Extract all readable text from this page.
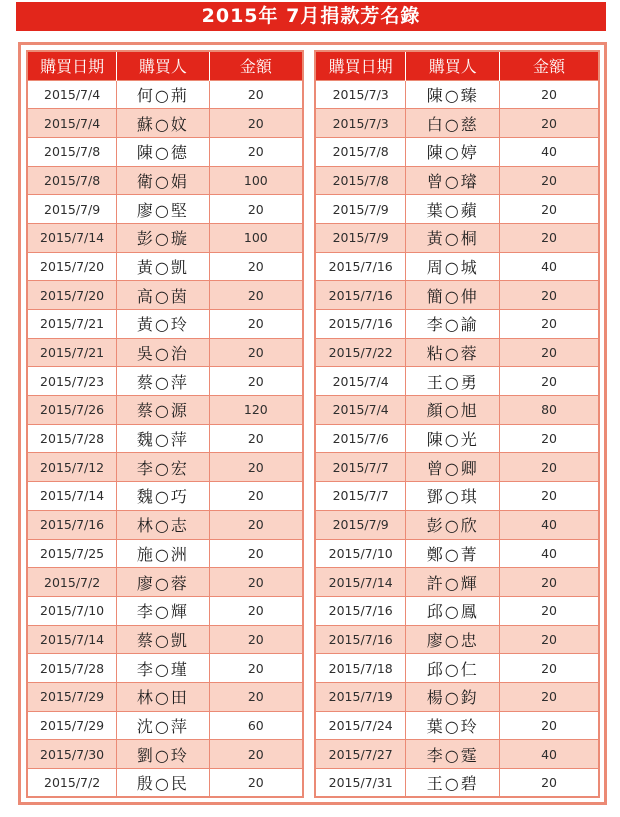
2015年 7月捐款芳名錄
購買日期	購買人	金額
2015/7/4	何○荊	20
2015/7/4	蘇○妏	20
2015/7/8	陳○德	20
2015/7/8	衛○娟	100
2015/7/9	廖○堅	20
2015/7/14	彭○璇	100
2015/7/20	黃○凱	20
2015/7/20	高○茵	20
2015/7/21	黃○玲	20
2015/7/21	吳○治	20
2015/7/23	蔡○萍	20
2015/7/26	蔡○源	120
2015/7/28	魏○萍	20
2015/7/12	李○宏	20
2015/7/14	魏○巧	20
2015/7/16	林○志	20
2015/7/25	施○洲	20
2015/7/2	廖○蓉	20
2015/7/10	李○輝	20
2015/7/14	蔡○凱	20
2015/7/28	李○瑾	20
2015/7/29	林○田	20
2015/7/29	沈○萍	60
2015/7/30	劉○玲	20
2015/7/2	殷○民	20
購買日期	購買人	金額
2015/7/3	陳○臻	20
2015/7/3	白○慈	20
2015/7/8	陳○婷	40
2015/7/8	曾○璿	20
2015/7/9	葉○蘋	20
2015/7/9	黃○桐	20
2015/7/16	周○城	40
2015/7/16	簡○伸	20
2015/7/16	李○諭	20
2015/7/22	粘○蓉	20
2015/7/4	王○勇	20
2015/7/4	顏○旭	80
2015/7/6	陳○光	20
2015/7/7	曾○卿	20
2015/7/7	鄧○琪	20
2015/7/9	彭○欣	40
2015/7/10	鄭○菁	40
2015/7/14	許○輝	20
2015/7/16	邱○鳳	20
2015/7/16	廖○忠	20
2015/7/18	邱○仁	20
2015/7/19	楊○鈞	20
2015/7/24	葉○玲	20
2015/7/27	李○霆	40
2015/7/31	王○碧	20
